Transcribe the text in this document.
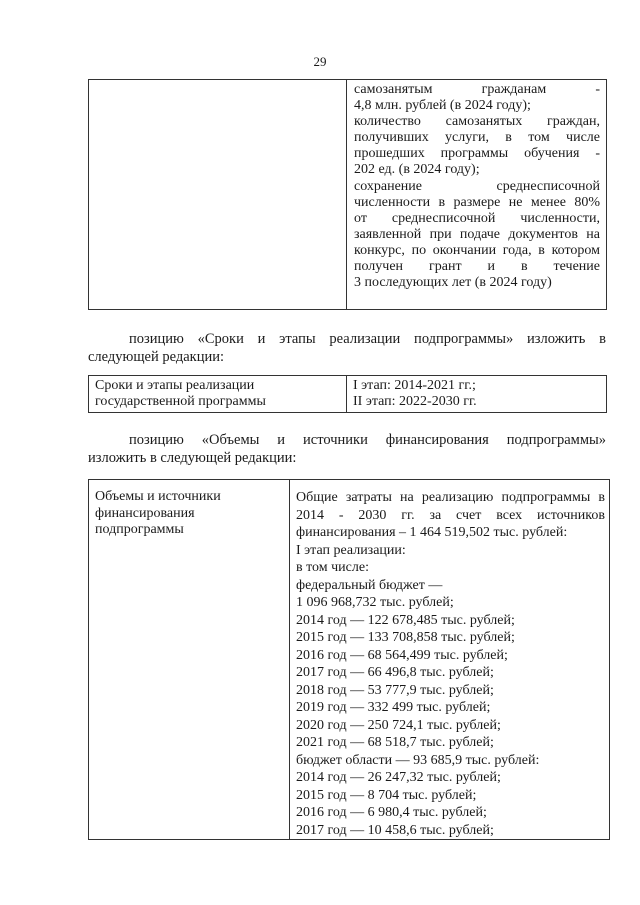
29

самозанятым гражданам -
4,8 млн. рублей (в 2024 году);
количество самозанятых граждан,
получивших услуги, в том числе
прошедших программы обучения -
202 ед. (в 2024 году);
сохранение среднесписочной
численности в размере не менее 80%
от среднесписочной численности,
заявленной при подаче документов на
конкурс, по окончании года, в котором
получен грант и в течение
3 последующих лет (в 2024 году)
позицию «Сроки и этапы реализации подпрограммы» изложить в
следующей редакции:
Сроки и этапы реализации
государственной программы

I этап: 2014-2021 гг.;
II этап: 2022-2030 гг.
позицию «Объемы и источники финансирования подпрограммы»
изложить в следующей редакции:
Объемы и источники
финансирования
подпрограммы

Общие затраты на реализацию подпрограммы в
2014 - 2030 гг. за счет всех источников
финансирования – 1 464 519,502 тыс. рублей:
I этап реализации:
в том числе:
федеральный бюджет —
1 096 968,732 тыс. рублей;
2014 год — 122 678,485 тыс. рублей;
2015 год — 133 708,858 тыс. рублей;
2016 год — 68 564,499 тыс. рублей;
2017 год — 66 496,8 тыс. рублей;
2018 год — 53 777,9 тыс. рублей;
2019 год — 332 499 тыс. рублей;
2020 год — 250 724,1 тыс. рублей;
2021 год — 68 518,7 тыс. рублей;
бюджет области — 93 685,9 тыс. рублей:
2014 год — 26 247,32 тыс. рублей;
2015 год — 8 704 тыс. рублей;
2016 год — 6 980,4 тыс. рублей;
2017 год — 10 458,6 тыс. рублей;
